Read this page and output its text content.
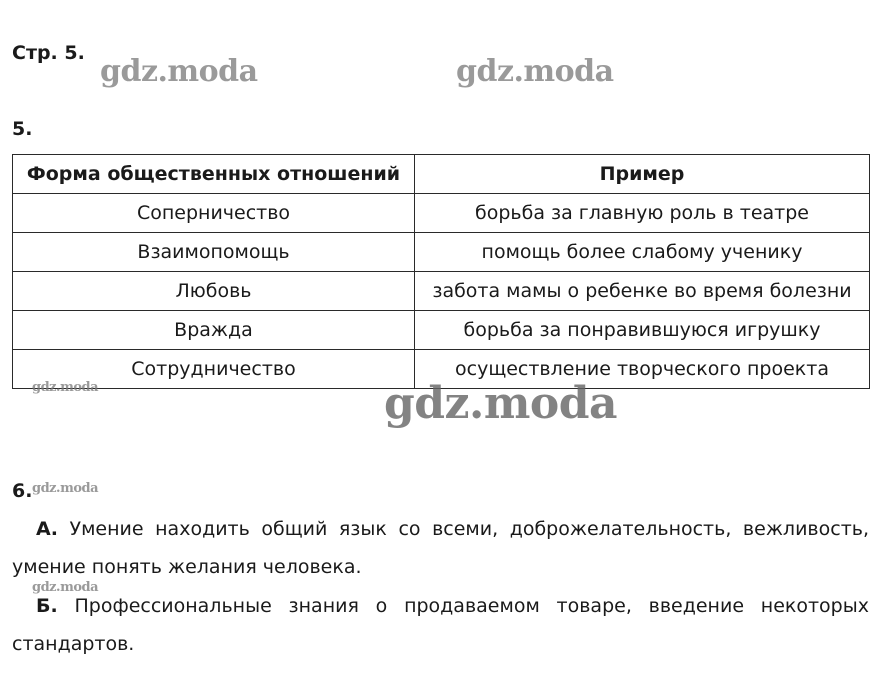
Стр. 5.
gdz.moda	gdz.moda
5.
Форма общественных отношений	Пример
Соперничество	борьба за главную роль в театре
Взаимопомощь	помощь более слабому ученику
Любовь	забота мамы о ребенке во время болезни
Вражда	борьба за понравившуюся игрушку
Сотрудничество	осуществление творческого проекта
gdz.moda	gdz.moda
6. gdz.moda
А. Умение находить общий язык со всеми, доброжелательность, вежливость, умение понять желания человека.
gdz.moda
Б. Профессиональные знания о продаваемом товаре, введение некоторых стандартов.
